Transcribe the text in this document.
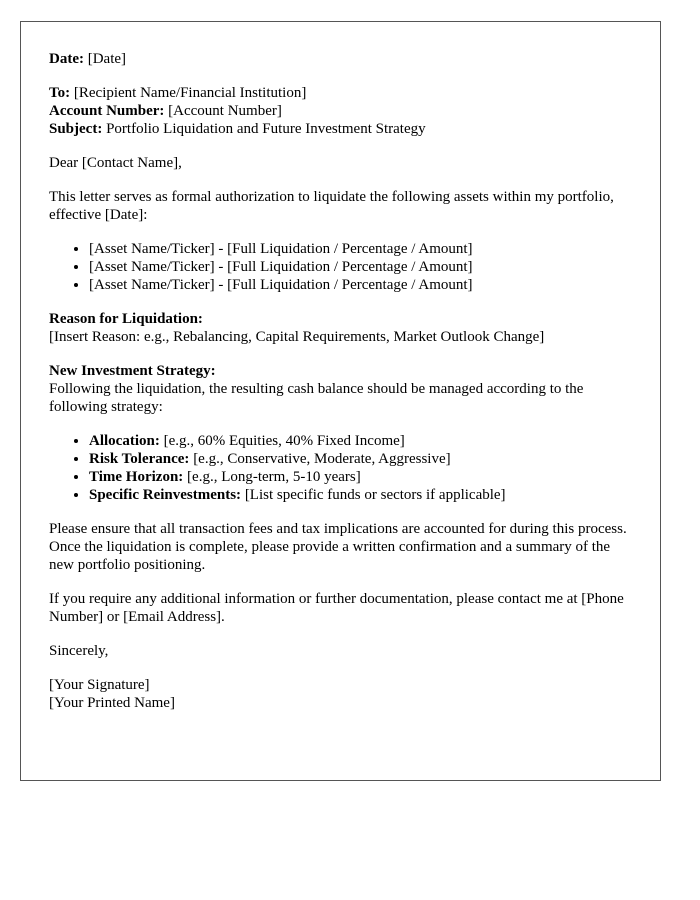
Date: [Date]

To: [Recipient Name/Financial Institution]

Account Number: [Account Number]

Subject: Portfolio Liquidation and Future Investment Strategy

Dear [Contact Name],

This letter serves as formal authorization to liquidate the following assets within my portfolio, effective [Date]:

• [Asset Name/Ticker] - [Full Liquidation / Percentage / Amount]
• [Asset Name/Ticker] - [Full Liquidation / Percentage / Amount]
• [Asset Name/Ticker] - [Full Liquidation / Percentage / Amount]

Reason for Liquidation:

[Insert Reason: e.g., Rebalancing, Capital Requirements, Market Outlook Change]

New Investment Strategy:

Following the liquidation, the resulting cash balance should be managed according to the following strategy:

• Allocation: [e.g., 60% Equities, 40% Fixed Income]
• Risk Tolerance: [e.g., Conservative, Moderate, Aggressive]
• Time Horizon: [e.g., Long-term, 5-10 years]
• Specific Reinvestments: [List specific funds or sectors if applicable]

Please ensure that all transaction fees and tax implications are accounted for during this process. Once the liquidation is complete, please provide a written confirmation and a summary of the new portfolio positioning.

If you require any additional information or further documentation, please contact me at [Phone Number] or [Email Address].

Sincerely,

[Your Signature]

[Your Printed Name]
